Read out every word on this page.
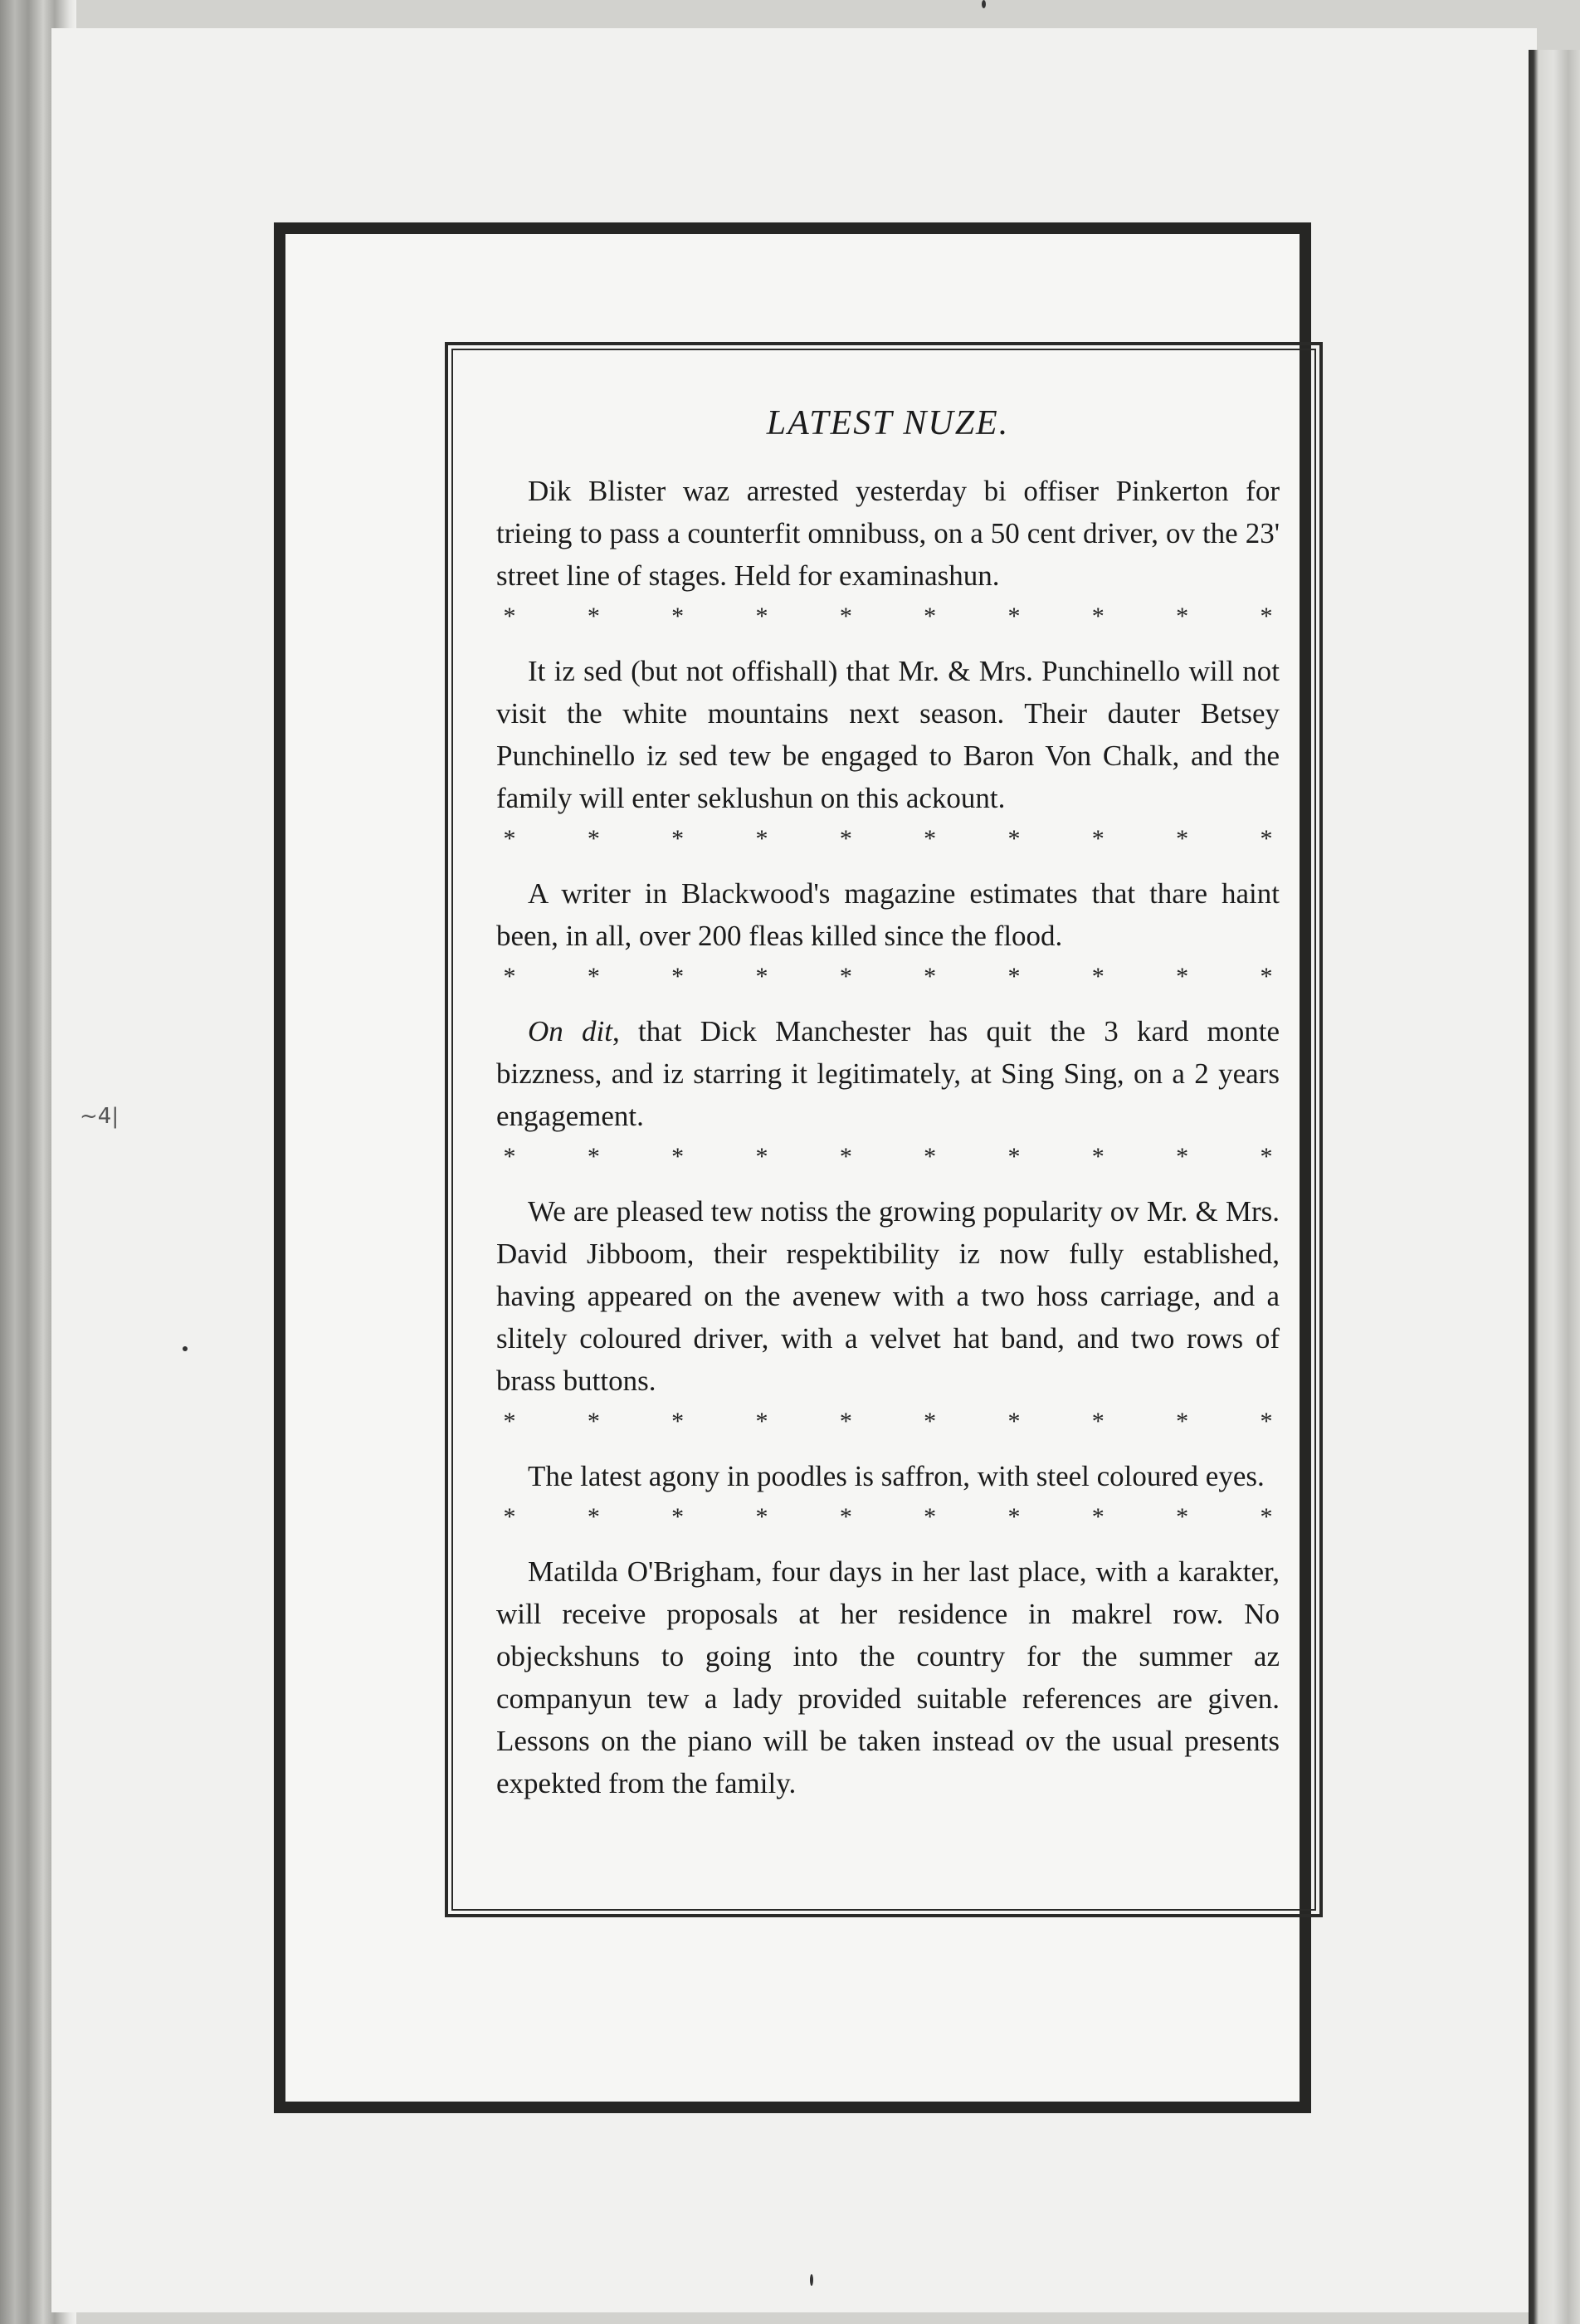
~4|
LATEST NUZE.

Dik Blister waz arrested yesterday bi offiser Pinkerton for trieing to pass a counterfit omnibuss, on a 50 cent driver, ov the 23' street line of stages. Held for examinashun.

*	*	*	*	*	*	*	*	*	*

It iz sed (but not offishall) that Mr. & Mrs. Punchinello will not visit the white mountains next season. Their dauter Betsey Punchinello iz sed tew be engaged to Baron Von Chalk, and the family will enter seklushun on this ackount.

*	*	*	*	*	*	*	*	*	*

A writer in Blackwood's magazine estimates that thare haint been, in all, over 200 fleas killed since the flood.

*	*	*	*	*	*	*	*	*	*

On dit, that Dick Manchester has quit the 3 kard monte bizzness, and iz starring it legitimately, at Sing Sing, on a 2 years engagement.

*	*	*	*	*	*	*	*	*	*

We are pleased tew notiss the growing popularity ov Mr. & Mrs. David Jibboom, their respektibility iz now fully established, having appeared on the avenew with a two hoss carriage, and a slitely coloured driver, with a velvet hat band, and two rows of brass buttons.

*	*	*	*	*	*	*	*	*	*

The latest agony in poodles is saffron, with steel coloured eyes.

*	*	*	*	*	*	*	*	*	*

Matilda O'Brigham, four days in her last place, with a karakter, will receive proposals at her residence in makrel row. No objeckshuns to going into the country for the summer az companyun tew a lady provided suitable references are given. Lessons on the piano will be taken instead ov the usual presents expekted from the family.
